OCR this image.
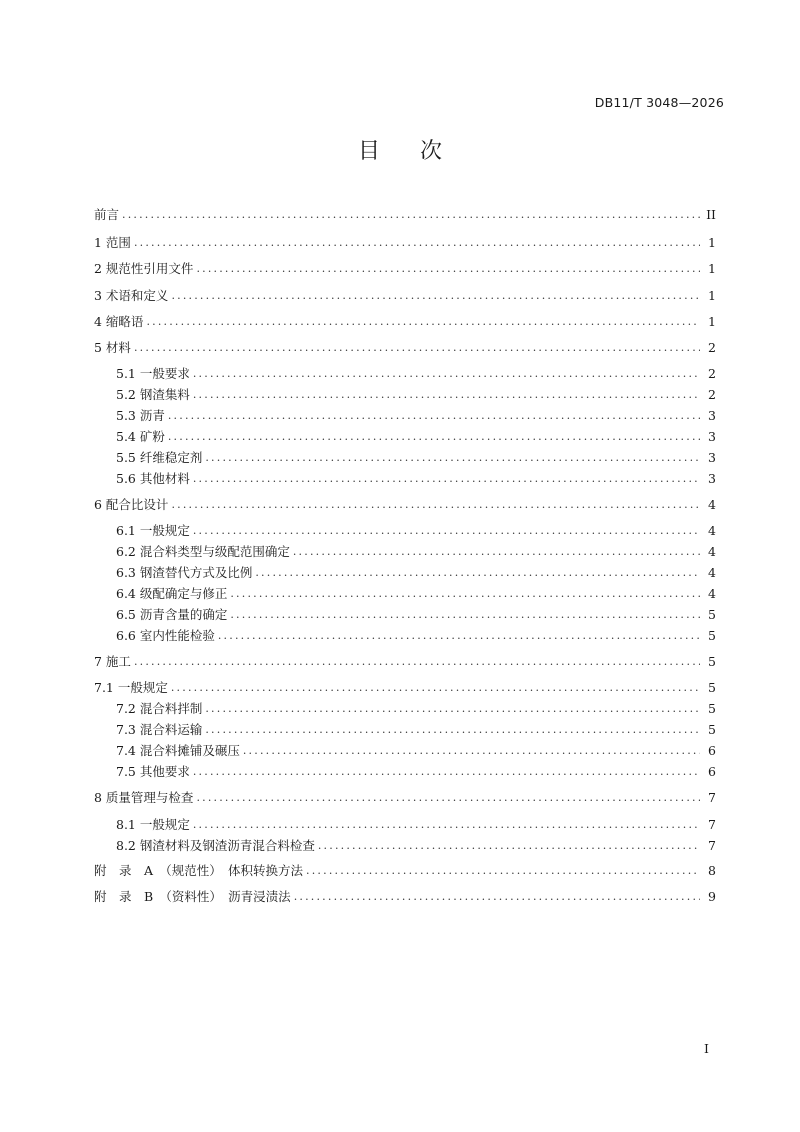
DB11/T 3048—2026
目 次
前言 .....	II
1 范围 .....	1
2 规范性引用文件 .....	1
3 术语和定义 .....	1
4 缩略语 .....	1
5 材料 .....	2
5.1 一般要求 .....	2
5.2 钢渣集料 .....	2
5.3 沥青 .....	3
5.4 矿粉 .....	3
5.5 纤维稳定剂 .....	3
5.6 其他材料 .....	3
6 配合比设计 .....	4
6.1 一般规定 .....	4
6.2 混合料类型与级配范围确定 .....	4
6.3 钢渣替代方式及比例 .....	4
6.4 级配确定与修正 .....	4
6.5 沥青含量的确定 .....	5
6.6 室内性能检验 .....	5
7 施工 .....	5
7.1 一般规定 .....	5
7.2 混合料拌制 .....	5
7.3 混合料运输 .....	5
7.4 混合料摊铺及碾压 .....	6
7.5 其他要求 .....	6
8 质量管理与检查 .....	7
8.1 一般规定 .....	7
8.2 钢渣材料及钢渣沥青混合料检查 .....	7
附　录　A　（规范性）　体积转换方法 .....	8
附　录　B　（资料性）　沥青浸渍法 .....	9
I
